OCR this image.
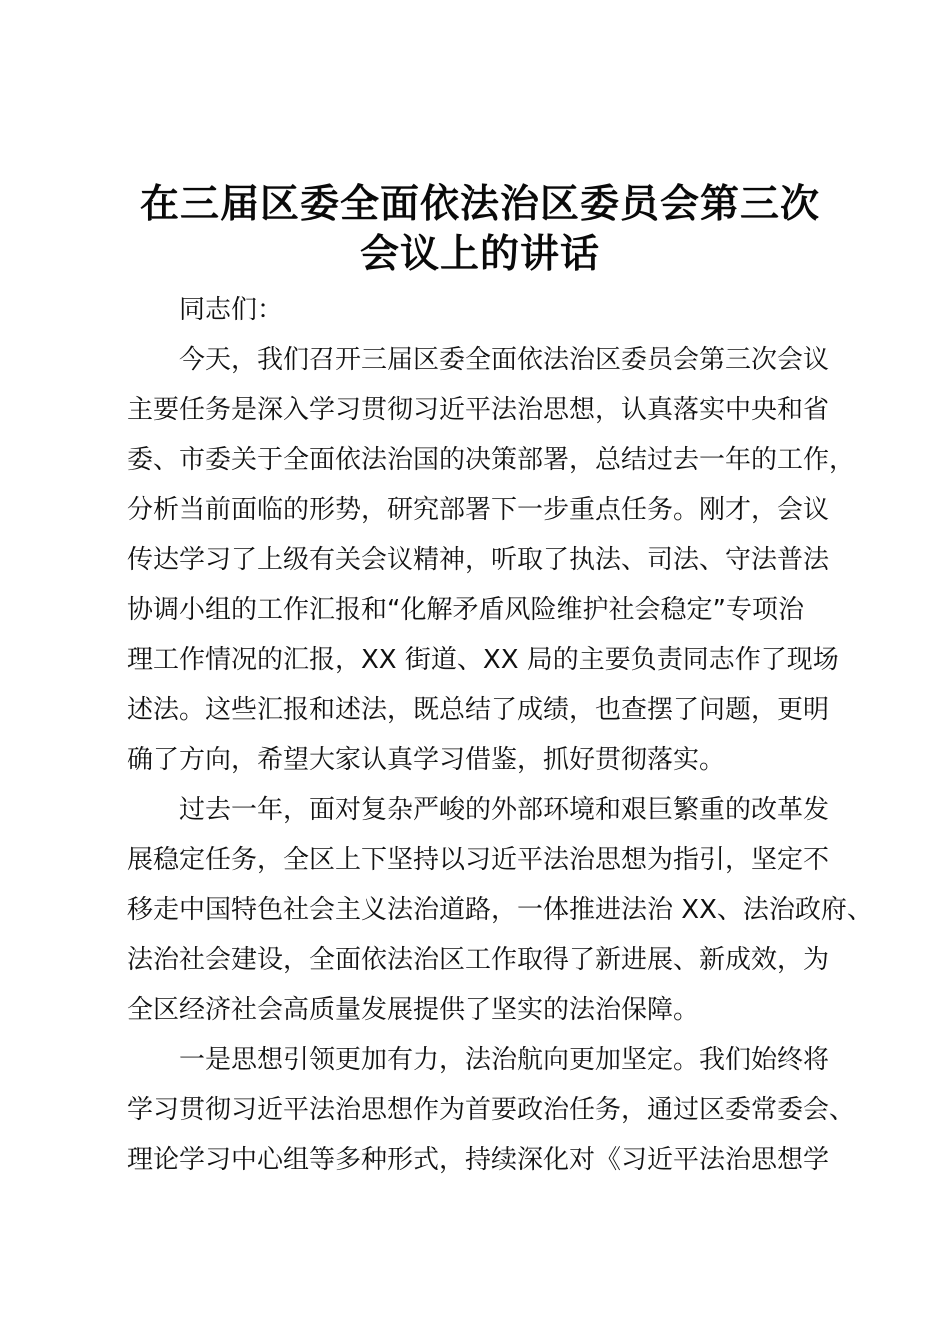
在三届区委全面依法治区委员会第三次
会议上的讲话
同志们：
今天，我们召开三届区委全面依法治区委员会第三次会议
主要任务是深入学习贯彻习近平法治思想，认真落实中央和省
委、市委关于全面依法治国的决策部署，总结过去一年的工作，
分析当前面临的形势，研究部署下一步重点任务。刚才，会议
传达学习了上级有关会议精神，听取了执法、司法、守法普法
协调小组的工作汇报和“化解矛盾风险维护社会稳定”专项治
理工作情况的汇报，XX 街道、XX 局的主要负责同志作了现场
述法。这些汇报和述法，既总结了成绩，也查摆了问题，更明
确了方向，希望大家认真学习借鉴，抓好贯彻落实。
过去一年，面对复杂严峻的外部环境和艰巨繁重的改革发
展稳定任务，全区上下坚持以习近平法治思想为指引，坚定不
移走中国特色社会主义法治道路，一体推进法治 XX、法治政府、
法治社会建设，全面依法治区工作取得了新进展、新成效，为
全区经济社会高质量发展提供了坚实的法治保障。
一是思想引领更加有力，法治航向更加坚定。我们始终将
学习贯彻习近平法治思想作为首要政治任务，通过区委常委会、
理论学习中心组等多种形式，持续深化对《习近平法治思想学
